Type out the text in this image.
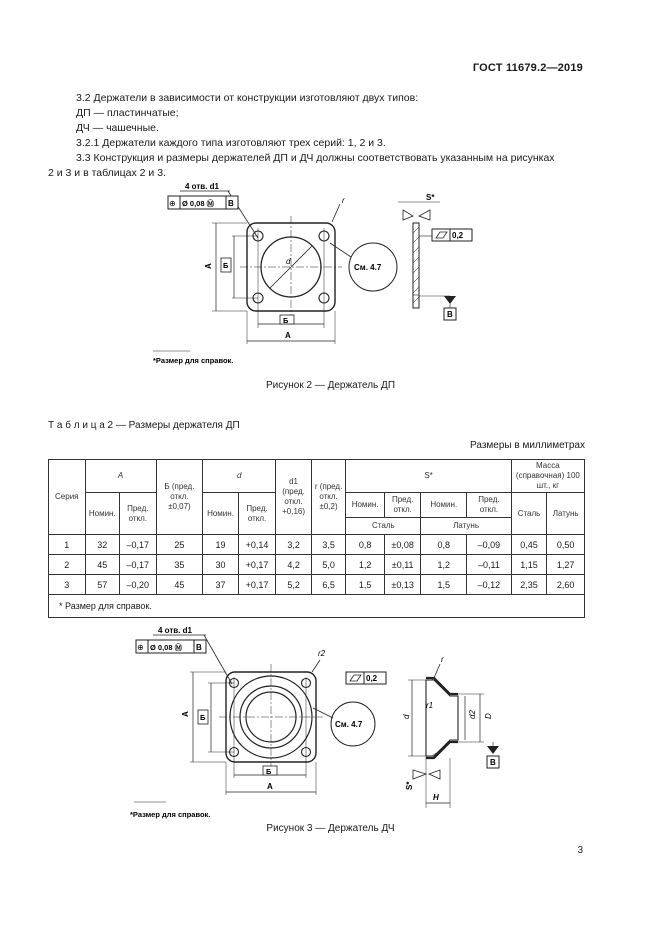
ГОСТ 11679.2—2019
3.2 Держатели в зависимости от конструкции изготовляют двух типов:
ДП — пластинчатые;
ДЧ — чашечные.
3.2.1 Держатели каждого типа изготовляют трех серий: 1, 2 и 3.
3.3 Конструкция и размеры держателей ДП и ДЧ должны соответствовать указанным на рисунках
2 и 3 и в таблицах 2 и 3.
4 отв. d1
⊕ Ø 0,08 Ⓜ В
d
r
A Б
Б
A
См. 4.7
S*
0,2
В
*Размер для справок.
Рисунок 2 — Держатель ДП
Т а б л и ц а 2 — Размеры держателя ДП
Размеры в миллиметрах
Серия	A		Б (пред. откл. ±0,07)	d		d1 (пред. откл. +0,16)	r (пред. откл. ±0,2)	S*				Масса (справочная) 100 шт., кг	
	Номин.	Пред. откл.		Номин.	Пред. откл.			Номин.	Пред. откл.	Номин.	Пред. откл.	Сталь	Латунь
								Сталь		Латунь			
1	32	–0,17	25	19	+0,14	3,2	3,5	0,8	±0,08	0,8	–0,09	0,45	0,50
2	45	–0,17	35	30	+0,17	4,2	5,0	1,2	±0,11	1,2	–0,11	1,15	1,27
3	57	–0,20	45	37	+0,17	5,2	6,5	1,5	±0,13	1,5	–0,12	2,35	2,60
* Размер для справок.													
4 отв. d1
⊕ Ø 0,08 Ⓜ В
r2
A Б
Б
A
См. 4.7
0,2
r
r1
d	d2 D
В
S*
H
*Размер для справок.
Рисунок 3 — Держатель ДЧ
3
